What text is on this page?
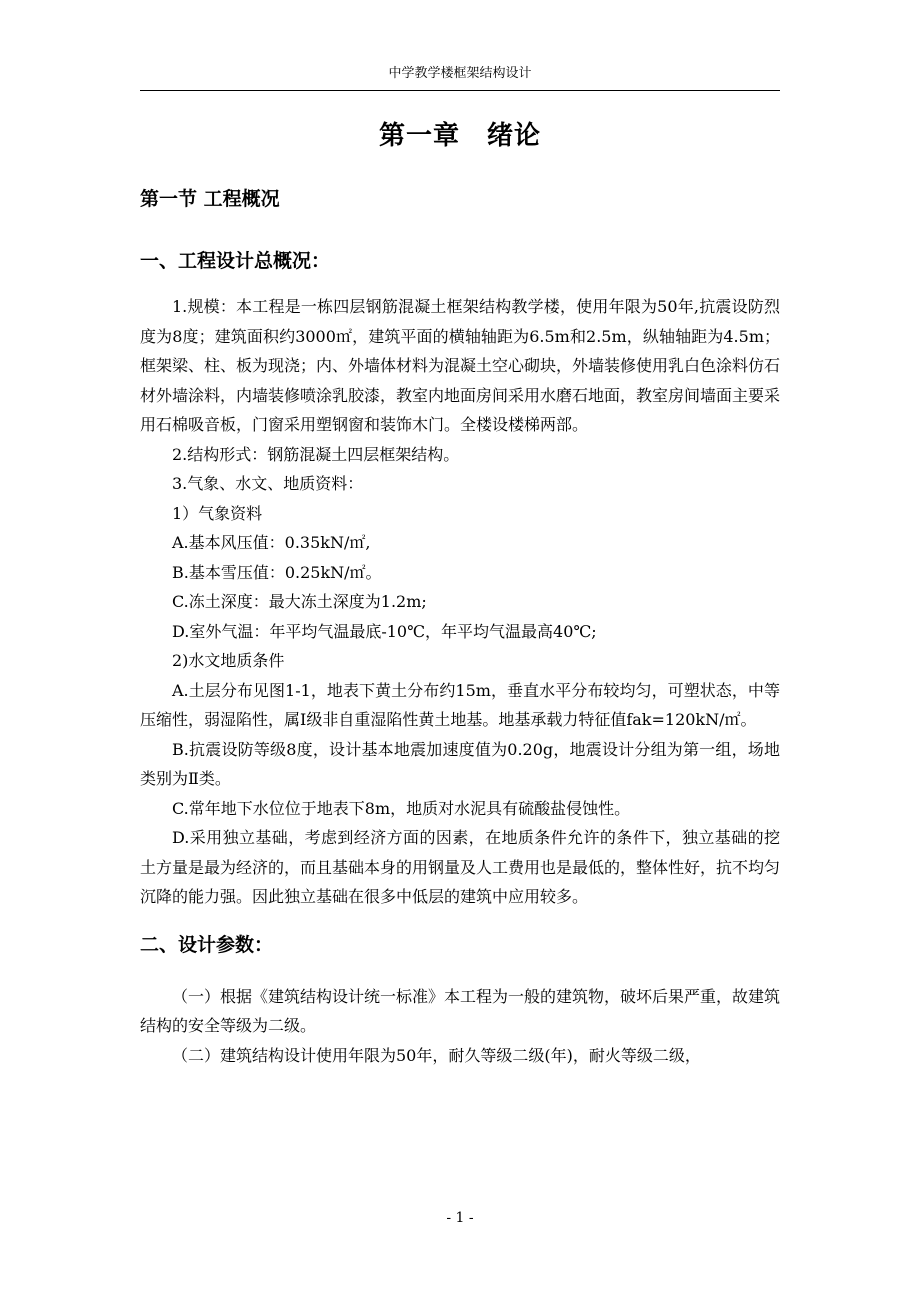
中学教学楼框架结构设计
第一章　绪论
第一节 工程概况
一、工程设计总概况：

1.规模：本工程是一栋四层钢筋混凝土框架结构教学楼，使用年限为50年,抗震设防烈度为8度；建筑面积约3000㎡，建筑平面的横轴轴距为6.5m和2.5m，纵轴轴距为4.5m；框架梁、柱、板为现浇；内、外墙体材料为混凝土空心砌块，外墙装修使用乳白色涂料仿石材外墙涂料，内墙装修喷涂乳胶漆，教室内地面房间采用水磨石地面，教室房间墙面主要采用石棉吸音板，门窗采用塑钢窗和装饰木门。全楼设楼梯两部。

2.结构形式：钢筋混凝土四层框架结构。

3.气象、水文、地质资料：

1）气象资料

A.基本风压值：0.35kN/㎡,

B.基本雪压值：0.25kN/㎡。

C.冻土深度：最大冻土深度为1.2m;

D.室外气温：年平均气温最底-10℃，年平均气温最高40℃;

2)水文地质条件

A.土层分布见图1-1，地表下黄土分布约15m，垂直水平分布较均匀，可塑状态，中等压缩性，弱湿陷性，属Ⅰ级非自重湿陷性黄土地基。地基承载力特征值fak=120kN/㎡。

B.抗震设防等级8度，设计基本地震加速度值为0.20g，地震设计分组为第一组，场地类别为Ⅱ类。

C.常年地下水位位于地表下8m，地质对水泥具有硫酸盐侵蚀性。

D.采用独立基础，考虑到经济方面的因素，在地质条件允许的条件下，独立基础的挖土方量是最为经济的，而且基础本身的用钢量及人工费用也是最低的，整体性好，抗不均匀沉降的能力强。因此独立基础在很多中低层的建筑中应用较多。

二、设计参数：

（一）根据《建筑结构设计统一标准》本工程为一般的建筑物，破坏后果严重，故建筑结构的安全等级为二级。

（二）建筑结构设计使用年限为50年，耐久等级二级(年)，耐火等级二级，

- 1 -
